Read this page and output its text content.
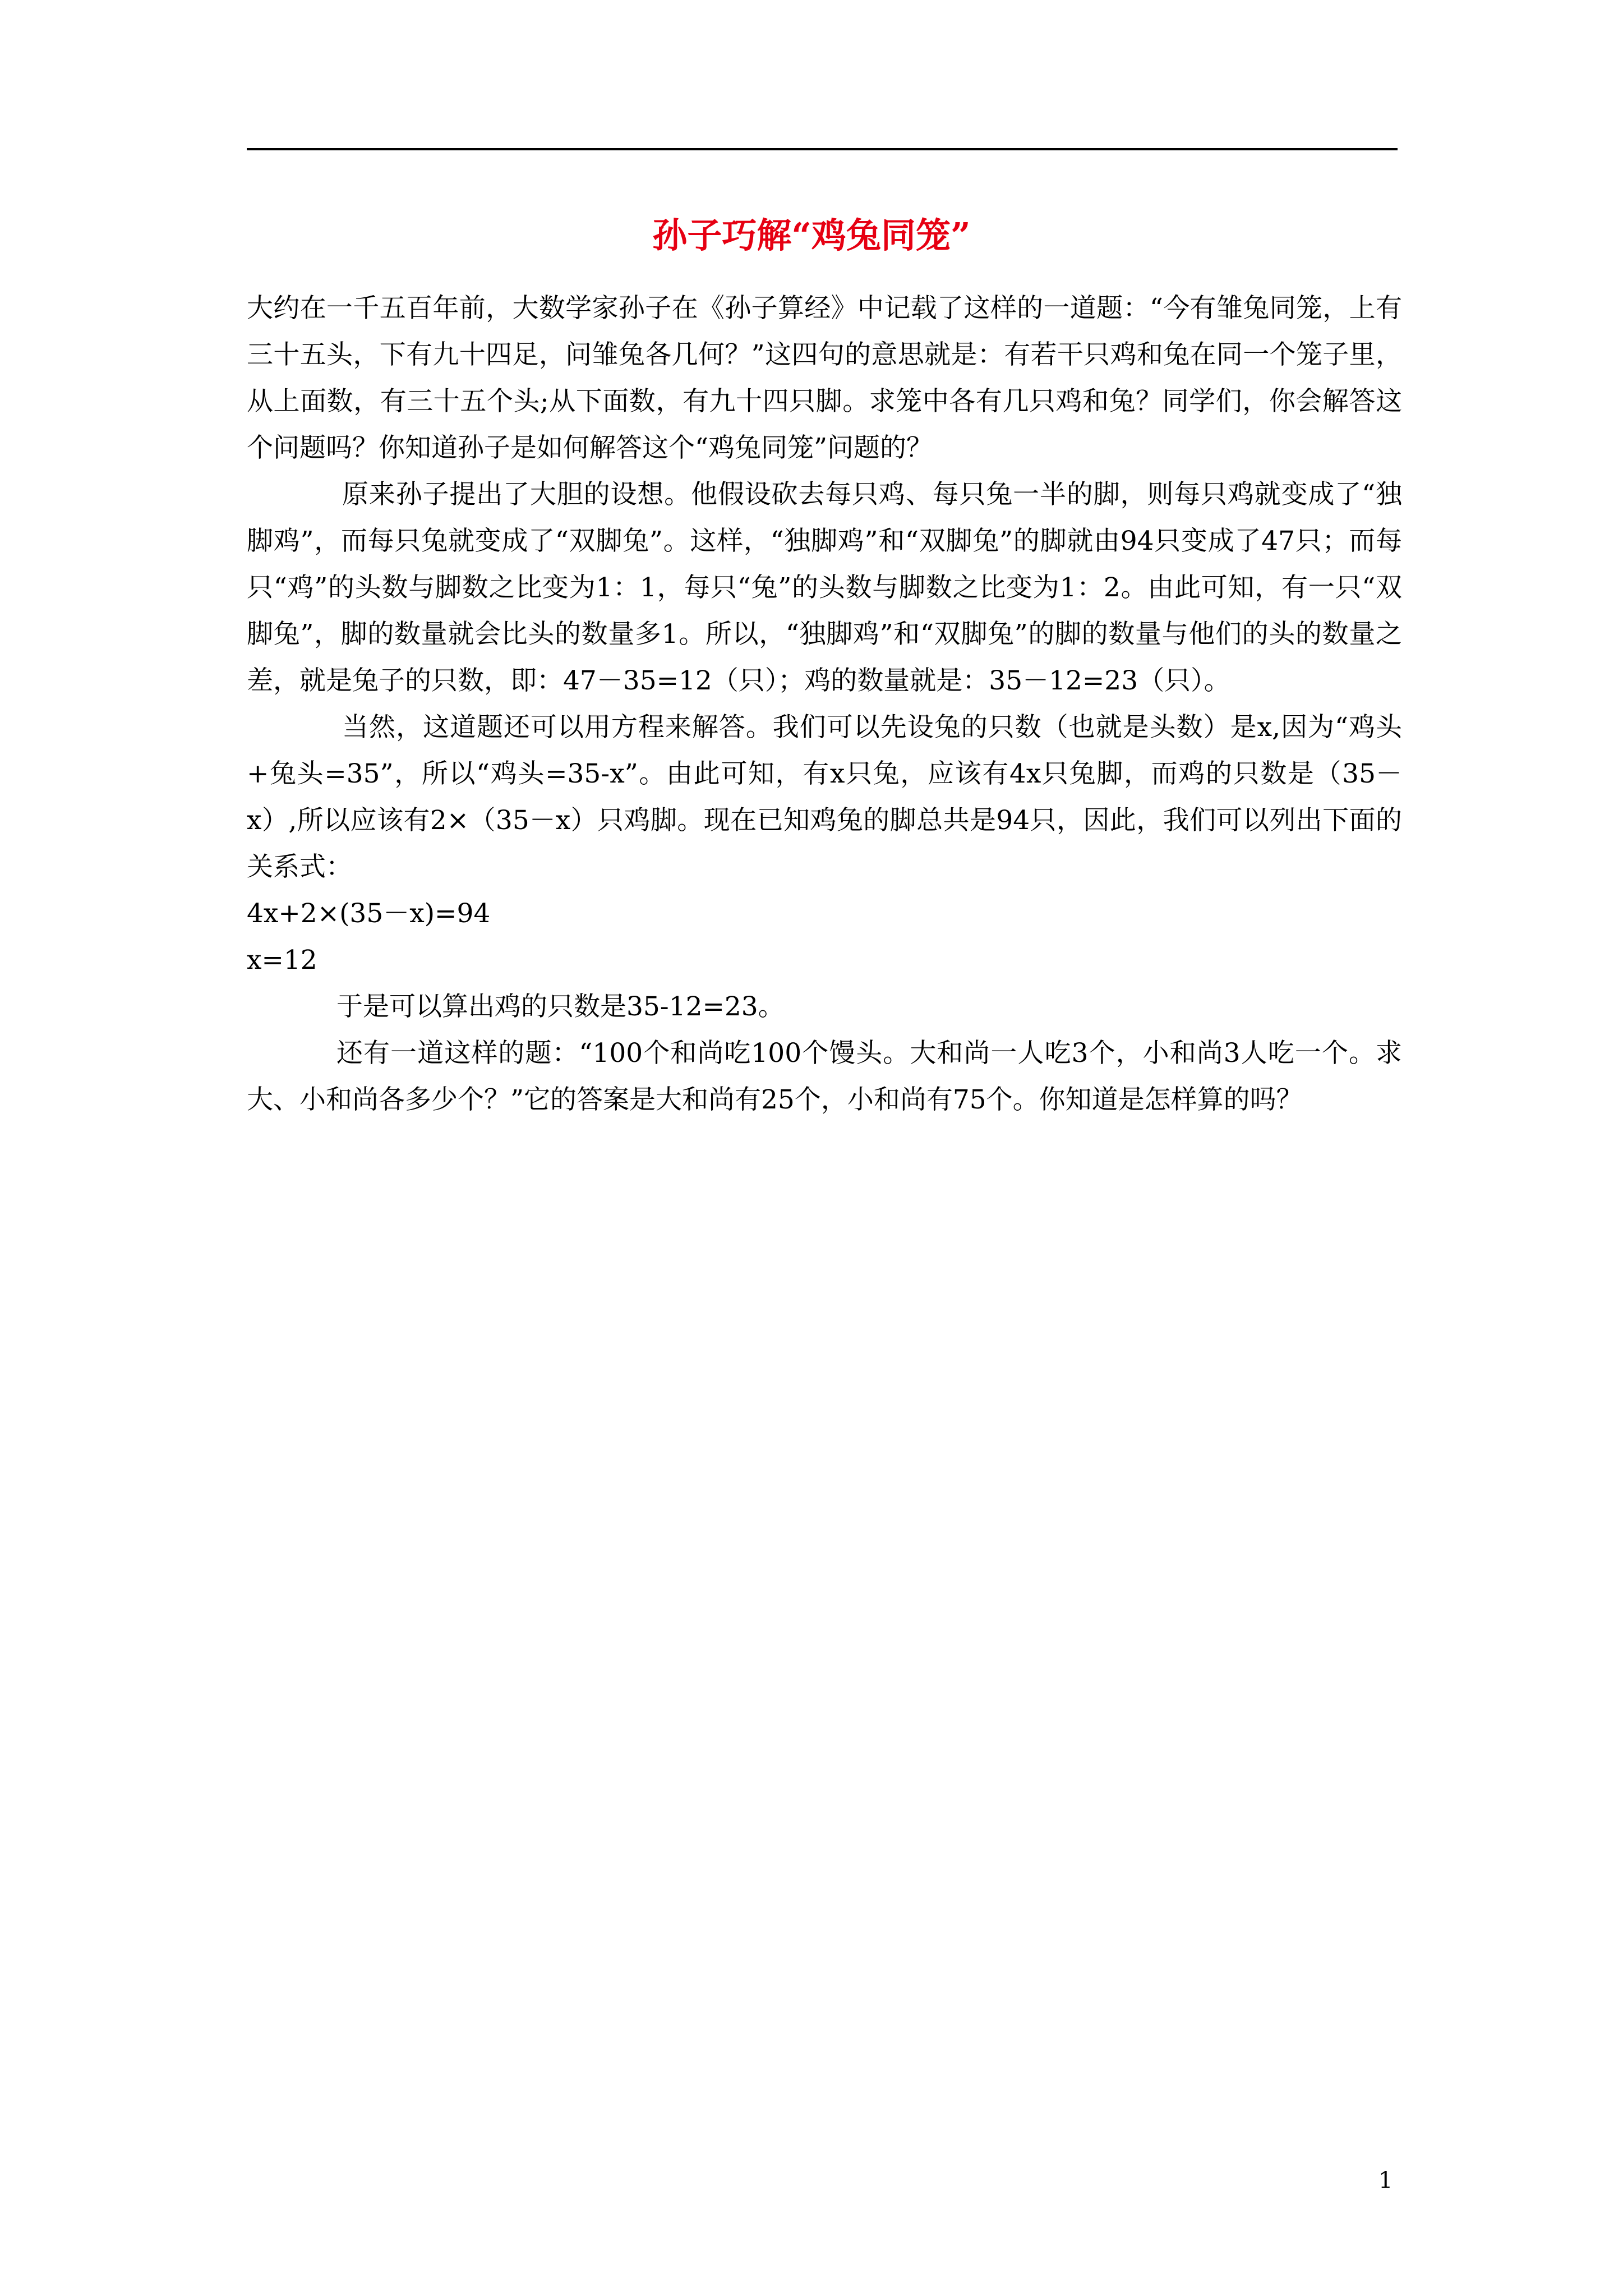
孙子巧解“鸡兔同笼”

大约在一千五百年前，大数学家孙子在《孙子算经》中记载了这样的一道题：“今有雏兔同笼，上有三十五头，下有九十四足，问雏兔各几何？”这四句的意思就是：有若干只鸡和兔在同一个笼子里，从上面数，有三十五个头;从下面数，有九十四只脚。求笼中各有几只鸡和兔？同学们，你会解答这个问题吗？你知道孙子是如何解答这个“鸡兔同笼”问题的？

原来孙子提出了大胆的设想。他假设砍去每只鸡、每只兔一半的脚，则每只鸡就变成了“独脚鸡”，而每只兔就变成了“双脚兔”。这样，“独脚鸡”和“双脚兔”的脚就由94只变成了47只；而每只“鸡”的头数与脚数之比变为1：1，每只“兔”的头数与脚数之比变为1：2。由此可知，有一只“双脚兔”，脚的数量就会比头的数量多1。所以，“独脚鸡”和“双脚兔”的脚的数量与他们的头的数量之差，就是兔子的只数，即：47－35=12（只）；鸡的数量就是：35－12=23（只）。

当然，这道题还可以用方程来解答。我们可以先设兔的只数（也就是头数）是x,因为“鸡头+兔头=35”，所以“鸡头=35-x”。由此可知，有x只兔，应该有4x只兔脚，而鸡的只数是（35－x）,所以应该有2×（35－x）只鸡脚。现在已知鸡兔的脚总共是94只，因此，我们可以列出下面的关系式：

4x+2×(35－x)=94

x=12

于是可以算出鸡的只数是35-12=23。

还有一道这样的题：“100个和尚吃100个馒头。大和尚一人吃3个，小和尚3人吃一个。求大、小和尚各多少个？”它的答案是大和尚有25个，小和尚有75个。你知道是怎样算的吗？

1
